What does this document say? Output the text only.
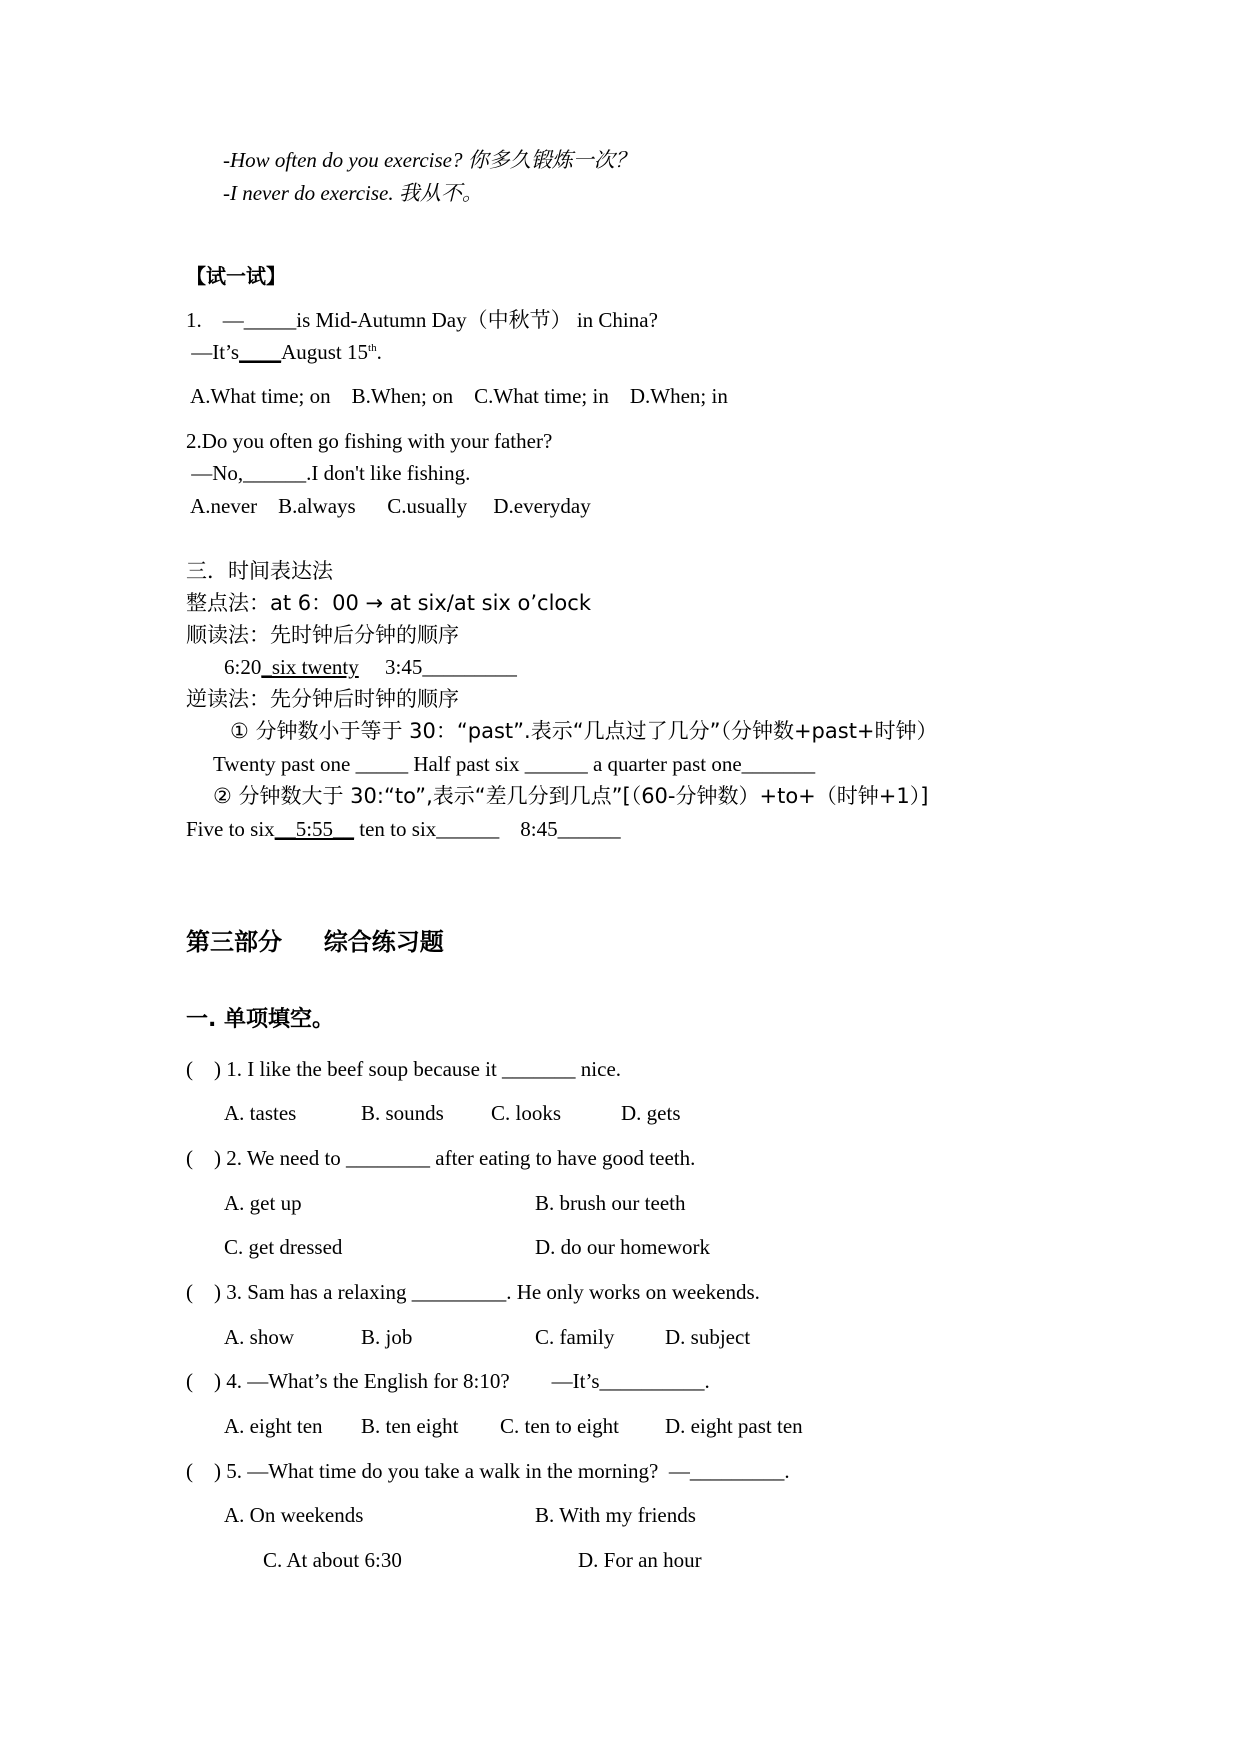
-How often do you exercise? 你多久锻炼一次？
-I never do exercise. 我从不。
【试一试】
1.    —_____is Mid-Autumn Day（中秋节） in China?
—It’s____August 15th.
A.What time; on    B.When; on    C.What time; in    D.When; in
2.Do you often go fishing with your father?
—No,______.I don't like fishing.
A.never    B.always      C.usually     D.everyday
三．时间表达法
整点法：at 6：00 → at six/at six o’clock
顺读法：先时钟后分钟的顺序
6:20_six twenty     3:45_________
逆读法：先分钟后时钟的顺序
① 分钟数小于等于 30：“past”.表示“几点过了几分”（分钟数+past+时钟）
Twenty past one _____ Half past six ______ a quarter past one_______
② 分钟数大于 30:“to”,表示“差几分到几点”[（60-分钟数）+to+（时钟+1）]
Five to six__5:55__ ten to six______    8:45______
第三部分     综合练习题
一. 单项填空。
(    ) 1. I like the beef soup because it _______ nice.
A. tastes	B. sounds C. looks	D. gets
(    ) 2. We need to ________ after eating to have good teeth.
A. get up	B. brush our teeth
C. get dressed	D. do our homework
(    ) 3. Sam has a relaxing _________. He only works on weekends.
A. show	B. job	C. family D. subject
(    ) 4. —What’s the English for 8:10?        —It’s__________.
A. eight ten B. ten eight C. ten to eight D. eight past ten
(    ) 5. —What time do you take a walk in the morning?  —_________.
A. On weekends	B. With my friends
C. At about 6:30	D. For an hour
